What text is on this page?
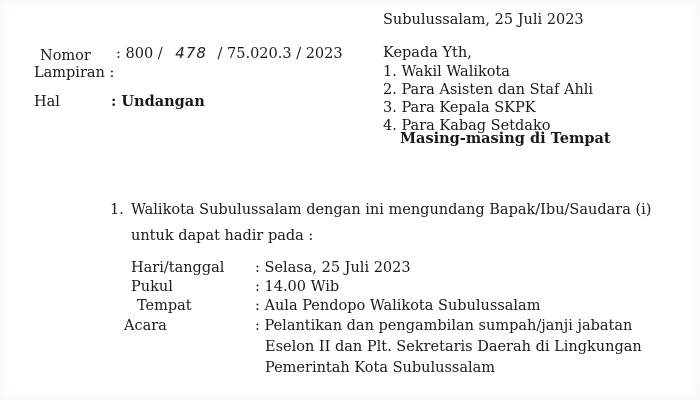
Subulussalam, 25 Juli 2023
Nomor : 800 / 478 / 75.020.3 / 2023
Lampiran :
Hal	: Undangan
Kepada Yth,
1. Wakil Walikota
2. Para Asisten dan Staf Ahli
3. Para Kepala SKPK
4. Para Kabag Setdako
Masing-masing di Tempat
1. Walikota Subulussalam dengan ini mengundang Bapak/Ibu/Saudara (i)
untuk dapat hadir pada :
Hari/tanggal : Selasa, 25 Juli 2023
Pukul	: 14.00 Wib
Tempat	: Aula Pendopo Walikota Subulussalam
Acara	: Pelantikan dan pengambilan sumpah/janji jabatan
Eselon II dan Plt. Sekretaris Daerah di Lingkungan
Pemerintah Kota Subulussalam
